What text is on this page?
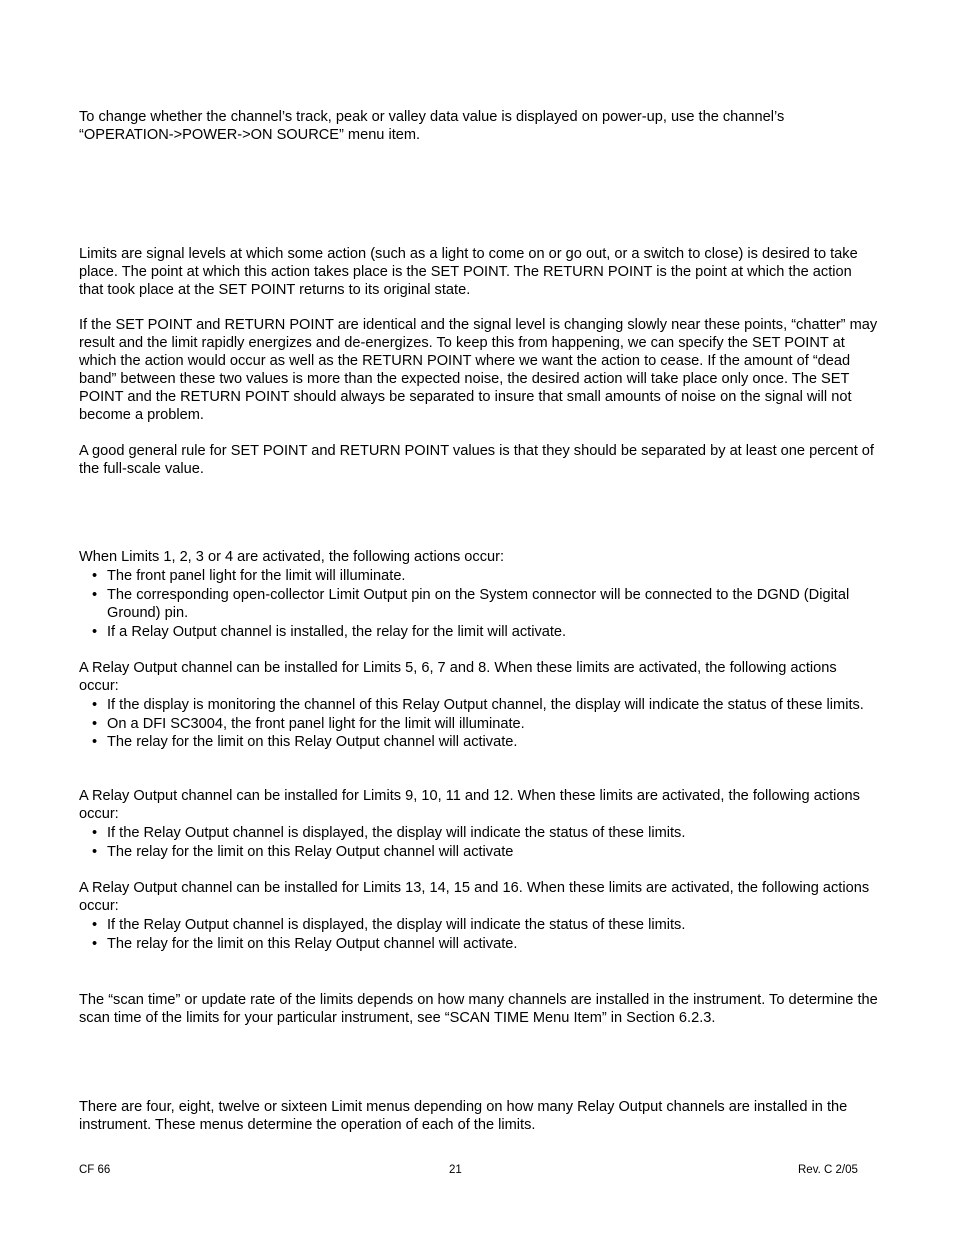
To change whether the channel’s track, peak or valley data value is displayed on power-up, use the channel’s “OPERATION->POWER->ON SOURCE” menu item.

Limits are signal levels at which some action (such as a light to come on or go out, or a switch to close) is desired to take place. The point at which this action takes place is the SET POINT. The RETURN POINT is the point at which the action that took place at the SET POINT returns to its original state.

If the SET POINT and RETURN POINT are identical and the signal level is changing slowly near these points, “chatter” may result and the limit rapidly energizes and de-energizes. To keep this from happening, we can specify the SET POINT at which the action would occur as well as the RETURN POINT where we want the action to cease. If the amount of “dead band” between these two values is more than the expected noise, the desired action will take place only once. The SET POINT and the RETURN POINT should always be separated to insure that small amounts of noise on the signal will not become a problem.

A good general rule for SET POINT and RETURN POINT values is that they should be separated by at least one percent of the full-scale value.

When Limits 1, 2, 3 or 4 are activated, the following actions occur:

• The front panel light for the limit will illuminate.
• The corresponding open-collector Limit Output pin on the System connector will be connected to the DGND (Digital Ground) pin.
• If a Relay Output channel is installed, the relay for the limit will activate.

A Relay Output channel can be installed for Limits 5, 6, 7 and 8. When these limits are activated, the following actions occur:

• If the display is monitoring the channel of this Relay Output channel, the display will indicate the status of these limits.
• On a DFI SC3004, the front panel light for the limit will illuminate.
• The relay for the limit on this Relay Output channel will activate.

A Relay Output channel can be installed for Limits 9, 10, 11 and 12. When these limits are activated, the following actions occur:

• If the Relay Output channel is displayed, the display will indicate the status of these limits.
• The relay for the limit on this Relay Output channel will activate

A Relay Output channel can be installed for Limits 13, 14, 15 and 16. When these limits are activated, the following actions occur:

• If the Relay Output channel is displayed, the display will indicate the status of these limits.
• The relay for the limit on this Relay Output channel will activate.

The “scan time” or update rate of the limits depends on how many channels are installed in the instrument. To determine the scan time of the limits for your particular instrument, see “SCAN TIME Menu Item” in Section 6.2.3.

There are four, eight, twelve or sixteen Limit menus depending on how many Relay Output channels are installed in the instrument. These menus determine the operation of each of the limits.

CF 66	21	Rev. C 2/05
